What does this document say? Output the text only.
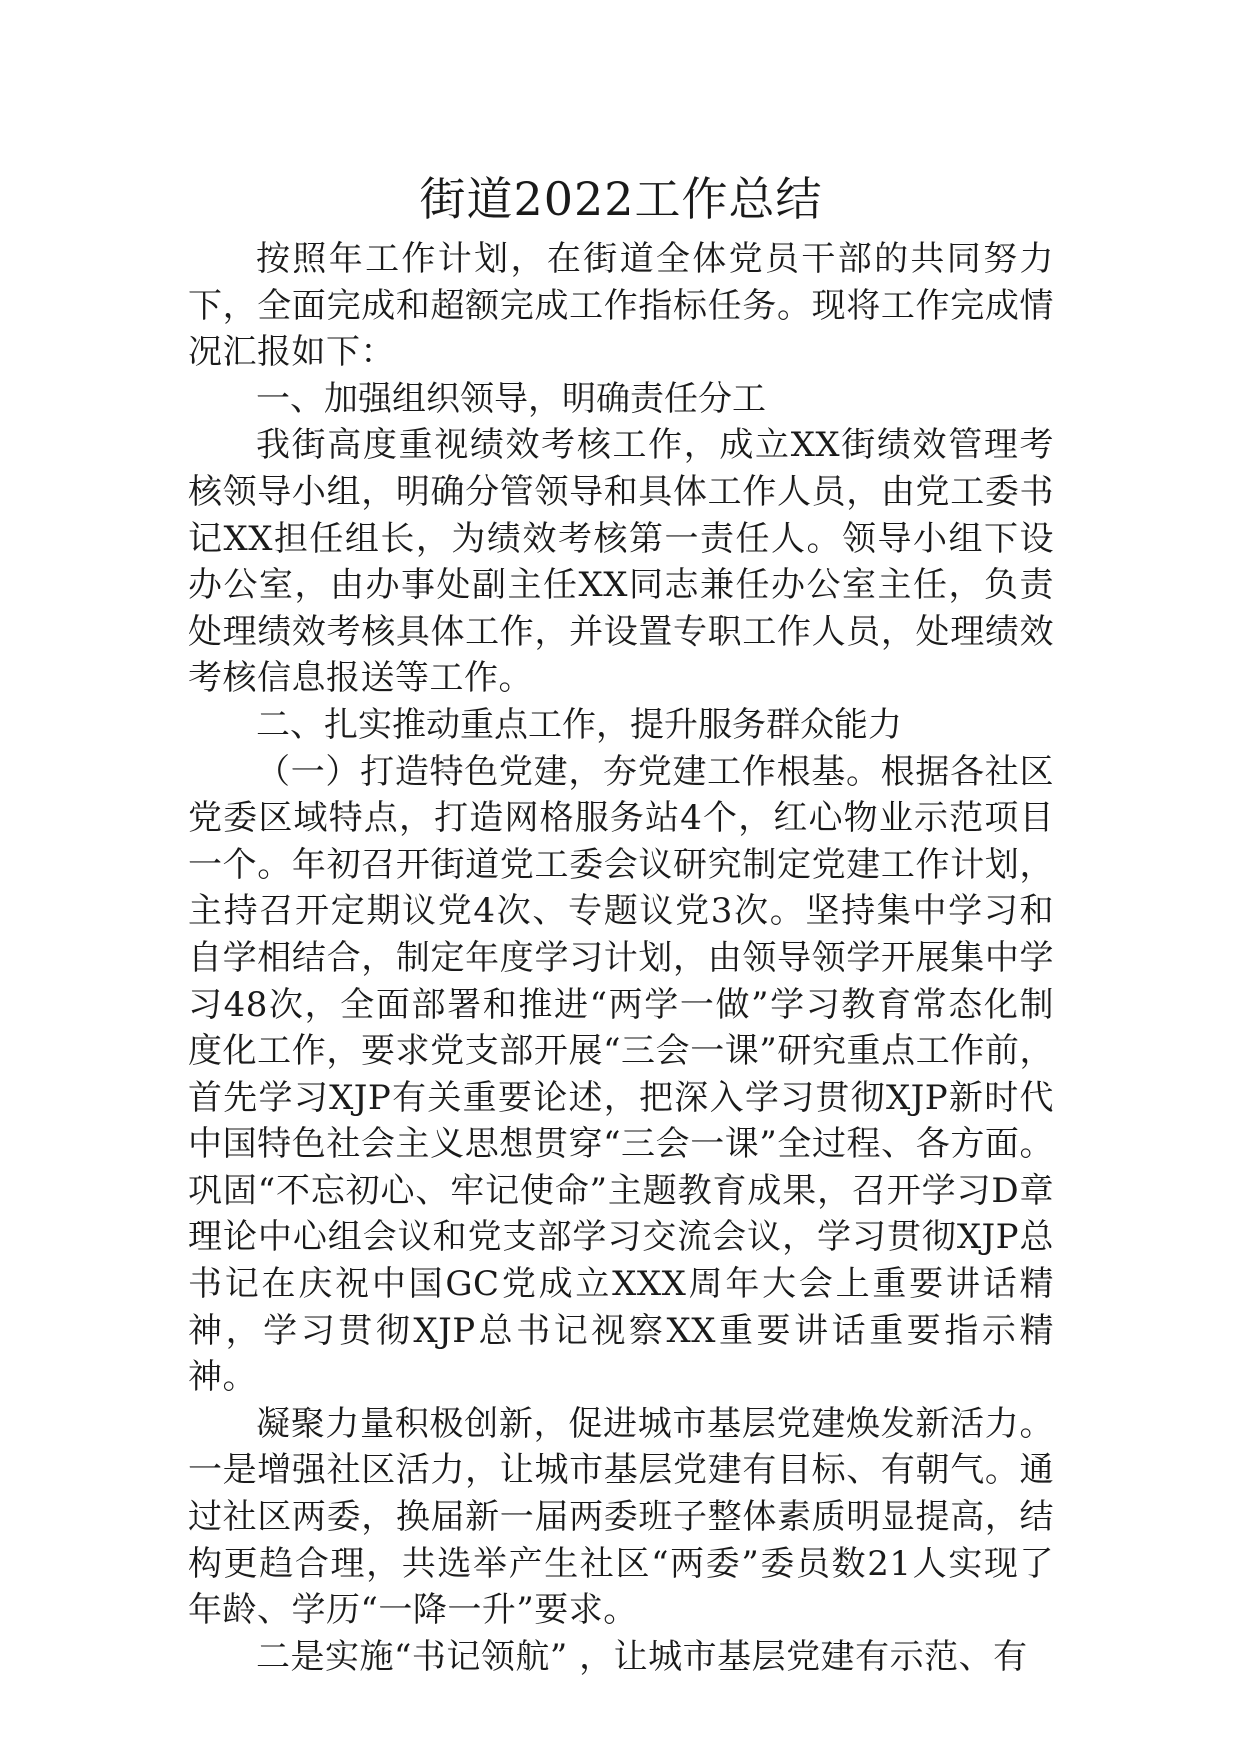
街道2022工作总结

按照年工作计划，在街道全体党员干部的共同努力下，全面完成和超额完成工作指标任务。现将工作完成情况汇报如下：

一、加强组织领导，明确责任分工

我街高度重视绩效考核工作，成立XX街绩效管理考核领导小组，明确分管领导和具体工作人员，由党工委书记XX担任组长，为绩效考核第一责任人。领导小组下设办公室，由办事处副主任XX同志兼任办公室主任，负责处理绩效考核具体工作，并设置专职工作人员，处理绩效考核信息报送等工作。

二、扎实推动重点工作，提升服务群众能力

（一）打造特色党建，夯党建工作根基。根据各社区党委区域特点，打造网格服务站4个，红心物业示范项目一个。年初召开街道党工委会议研究制定党建工作计划，主持召开定期议党4次、专题议党3次。坚持集中学习和自学相结合，制定年度学习计划，由领导领学开展集中学习48次，全面部署和推进“两学一做”学习教育常态化制度化工作，要求党支部开展“三会一课”研究重点工作前，首先学习XJP有关重要论述，把深入学习贯彻XJP新时代中国特色社会主义思想贯穿“三会一课”全过程、各方面。巩固“不忘初心、牢记使命”主题教育成果，召开学习D章理论中心组会议和党支部学习交流会议，学习贯彻XJP总书记在庆祝中国GC党成立XXX周年大会上重要讲话精神，学习贯彻XJP总书记视察XX重要讲话重要指示精神。

凝聚力量积极创新，促进城市基层党建焕发新活力。一是增强社区活力，让城市基层党建有目标、有朝气。通过社区两委，换届新一届两委班子整体素质明显提高，结构更趋合理，共选举产生社区“两委”委员数21人实现了年龄、学历“一降一升”要求。

二是实施“书记领航” ，让城市基层党建有示范、有
